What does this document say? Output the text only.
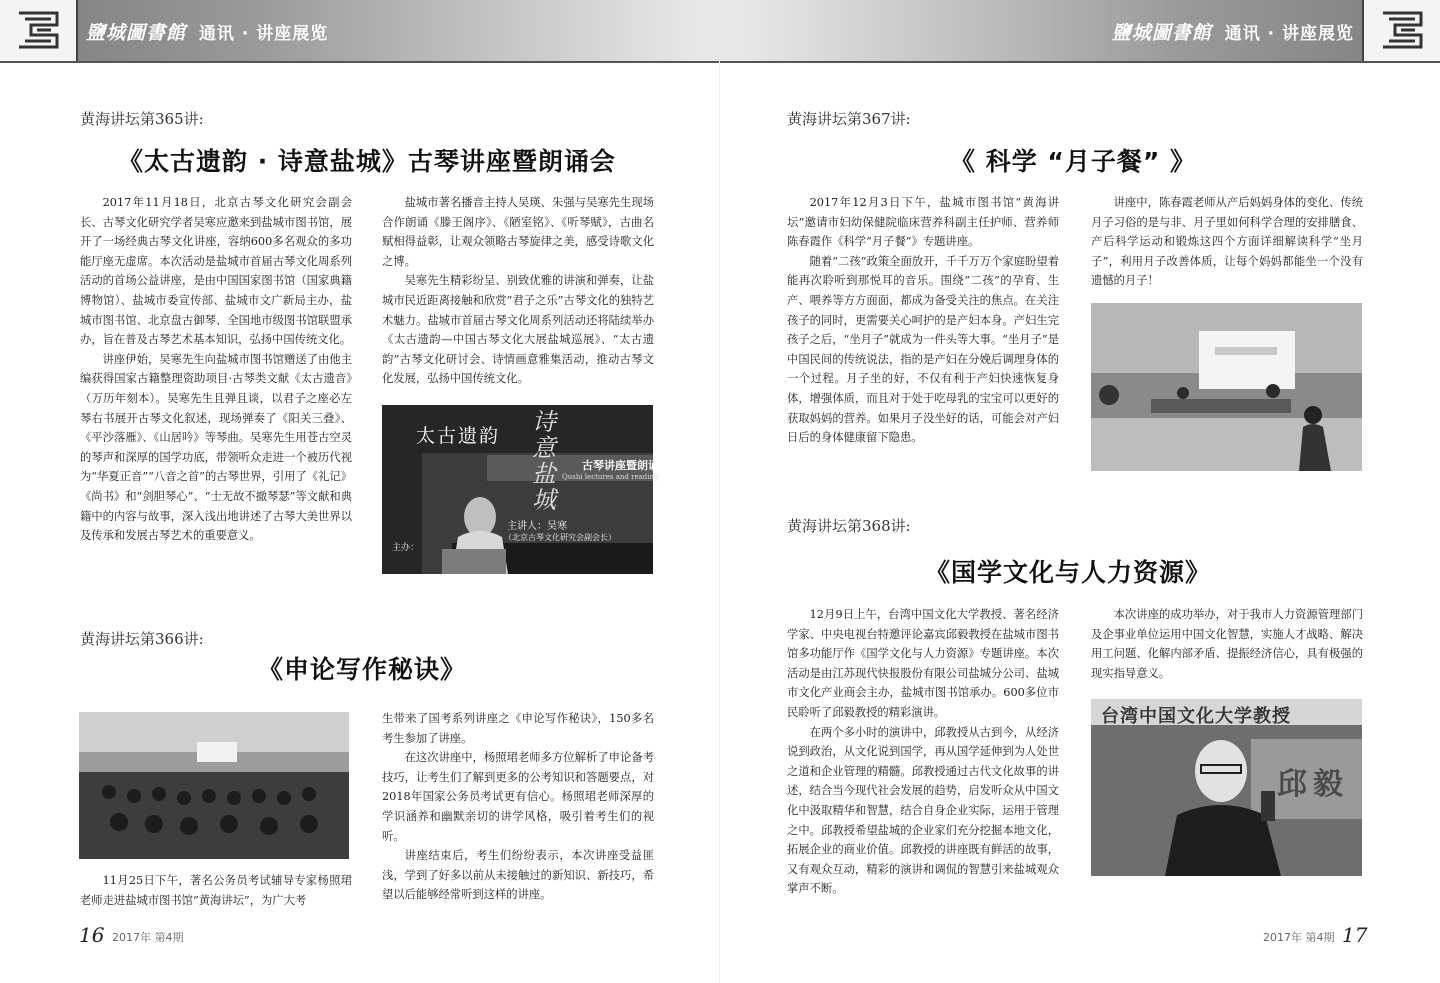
鹽城圖書館 通讯 · 讲座展览	鹽城圖書館 通讯 · 讲座展览
黄海讲坛第365讲:
《太古遗韵 · 诗意盐城》古琴讲座暨朗诵会

2017年11月18日，北京古琴文化研究会副会长、古琴文化研究学者吴寒应邀来到盐城市图书馆，展开了一场经典古琴文化讲座，容纳600多名观众的多功能厅座无虚席。本次活动是盐城市首届古琴文化周系列活动的首场公益讲座，是由中国国家图书馆（国家典籍博物馆）、盐城市委宣传部、盐城市文广新局主办，盐城市图书馆、北京盘古御琴、全国地市级图书馆联盟承办，旨在普及古琴艺术基本知识，弘扬中国传统文化。

讲座伊始，吴寒先生向盐城市图书馆赠送了由他主编获得国家古籍整理资助项目·古琴类文献《太古遗音》（万历年刻本）。吴寒先生且弹且谈，以君子之座必左琴右书展开古琴文化叙述，现场弹奏了《阳关三叠》、《平沙落雁》、《山居吟》等琴曲。吴寒先生用苍古空灵的琴声和深厚的国学功底，带领听众走进一个被历代视为“华夏正音”“八音之首”的古琴世界，引用了《礼记》《尚书》和“剑胆琴心”、“士无故不撤琴瑟”等文献和典籍中的内容与故事，深入浅出地讲述了古琴大美世界以及传承和发展古琴艺术的重要意义。

盐城市著名播音主持人吴瑛、朱强与吴寒先生现场合作朗诵《滕王阁序》、《陋室铭》、《听琴赋》，古曲名赋相得益彰，让观众领略古琴旋律之美，感受诗歌文化之博。

吴寒先生精彩纷呈、别致优雅的讲演和弹奏，让盐城市民近距离接触和欣赏“君子之乐”古琴文化的独特艺术魅力。盐城市首届古琴文化周系列活动还将陆续举办《太古遗韵—中国古琴文化大展盐城巡展》、“太古遗韵”古琴文化研讨会、诗情画意雅集活动，推动古琴文化发展，弘扬中国传统文化。

太古遗韵 诗意盐城
古琴讲座暨朗诵会
Qushi lectures and reading
主讲人：吴寒
（北京古琴文化研究会副会长）
主办：
黄海讲坛第366讲:
《申论写作秘诀》

11月25日下午，著名公务员考试辅导专家杨照珺老师走进盐城市图书馆“黄海讲坛”，为广大考

生带来了国考系列讲座之《申论写作秘诀》，150多名考生参加了讲座。

在这次讲座中，杨照珺老师多方位解析了申论备考技巧，让考生们了解到更多的公考知识和答题要点，对2018年国家公务员考试更有信心。杨照珺老师深厚的学识涵养和幽默亲切的讲学风格，吸引着考生们的视听。

讲座结束后，考生们纷纷表示，本次讲座受益匪浅，学到了好多以前从未接触过的新知识、新技巧，希望以后能够经常听到这样的讲座。

黄海讲坛第367讲:
《 科学 “月子餐” 》

2017年12月3日下午，盐城市图书馆“黄海讲坛”邀请市妇幼保健院临床营养科副主任护师、营养师陈春霞作《科学“月子餐”》专题讲座。

随着“二孩”政策全面放开，千千万万个家庭盼望着能再次聆听到那悦耳的音乐。围绕“二孩”的孕育、生产、喂养等方方面面，都成为备受关注的焦点。在关注孩子的同时，更需要关心呵护的是产妇本身。产妇生完孩子之后，“坐月子”就成为一件头等大事。“坐月子”是中国民间的传统说法，指的是产妇在分娩后调理身体的一个过程。月子坐的好，不仅有利于产妇快速恢复身体，增强体质，而且对于处于吃母乳的宝宝可以更好的获取妈妈的营养。如果月子没坐好的话，可能会对产妇日后的身体健康留下隐患。

讲座中，陈春霞老师从产后妈妈身体的变化、传统月子习俗的是与非、月子里如何科学合理的安排膳食、产后科学运动和锻炼这四个方面详细解读科学“坐月子”，利用月子改善体质，让每个妈妈都能坐一个没有遗憾的月子！

黄海讲坛第368讲:
《国学文化与人力资源》

12月9日上午，台湾中国文化大学教授、著名经济学家、中央电视台特邀评论嘉宾邱毅教授在盐城市图书馆多功能厅作《国学文化与人力资源》专题讲座。本次活动是由江苏现代快报股份有限公司盐城分公司、盐城市文化产业商会主办，盐城市图书馆承办。600多位市民聆听了邱毅教授的精彩演讲。

在两个多小时的演讲中，邱教授从古到今，从经济说到政治，从文化说到国学，再从国学延伸到为人处世之道和企业管理的精髓。邱教授通过古代文化故事的讲述，结合当今现代社会发展的趋势，启发听众从中国文化中汲取精华和智慧，结合自身企业实际，运用于管理之中。邱教授希望盐城的企业家们充分挖掘本地文化，拓展企业的商业价值。邱教授的讲座既有鲜活的故事，又有观众互动，精彩的演讲和调侃的智慧引来盐城观众掌声不断。

本次讲座的成功举办，对于我市人力资源管理部门及企事业单位运用中国文化智慧，实施人才战略、解决用工问题、化解内部矛盾、提振经济信心，具有极强的现实指导意义。

台湾中国文化大学教授
邱毅
16 2017年 第4期	2017年 第4期 17
